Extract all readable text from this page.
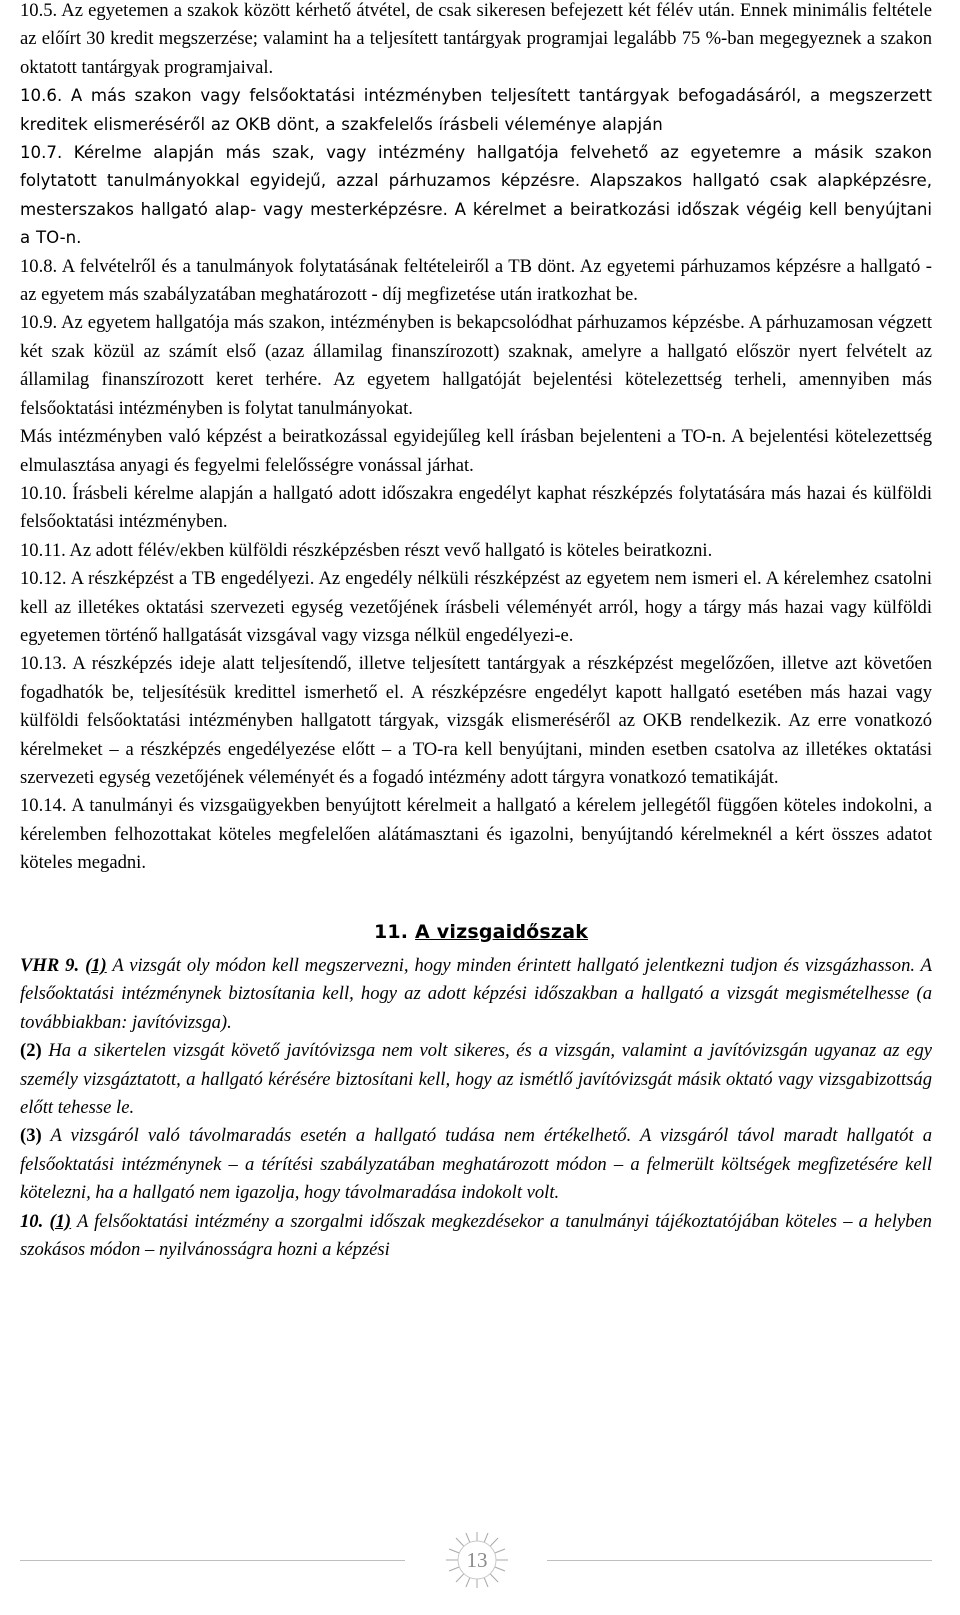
10.5. Az egyetemen a szakok között kérhető átvétel, de csak sikeresen befejezett két félév után. Ennek minimális feltétele az előírt 30 kredit megszerzése; valamint ha a teljesített tantárgyak programjai legalább 75 %-ban megegyeznek a szakon oktatott tantárgyak programjaival.

10.6. A más szakon vagy felsőoktatási intézményben teljesített tantárgyak befogadásáról, a megszerzett kreditek elismeréséről az OKB dönt, a szakfelelős írásbeli véleménye alapján

10.7. Kérelme alapján más szak, vagy intézmény hallgatója felvehető az egyetemre a másik szakon folytatott tanulmányokkal egyidejű, azzal párhuzamos képzésre. Alapszakos hallgató csak alapképzésre, mesterszakos hallgató alap- vagy mesterképzésre. A kérelmet a beiratkozási időszak végéig kell benyújtani a TO-n.

10.8. A felvételről és a tanulmányok folytatásának feltételeiről a TB dönt. Az egyetemi párhuzamos képzésre a hallgató - az egyetem más szabályzatában meghatározott - díj megfizetése után iratkozhat be.

10.9. Az egyetem hallgatója más szakon, intézményben is bekapcsolódhat párhuzamos képzésbe. A párhuzamosan végzett két szak közül az számít első (azaz államilag finanszírozott) szaknak, amelyre a hallgató először nyert felvételt az államilag finanszírozott keret terhére. Az egyetem hallgatóját bejelentési kötelezettség terheli, amennyiben más felsőoktatási intézményben is folytat tanulmányokat.

Más intézményben való képzést a beiratkozással egyidejűleg kell írásban bejelenteni a TO-n. A bejelentési kötelezettség elmulasztása anyagi és fegyelmi felelősségre vonással járhat.

10.10. Írásbeli kérelme alapján a hallgató adott időszakra engedélyt kaphat részképzés folytatására más hazai és külföldi felsőoktatási intézményben.

10.11. Az adott félév/ekben külföldi részképzésben részt vevő hallgató is köteles beiratkozni.

10.12. A részképzést a TB engedélyezi. Az engedély nélküli részképzést az egyetem nem ismeri el. A kérelemhez csatolni kell az illetékes oktatási szervezeti egység vezetőjének írásbeli véleményét arról, hogy a tárgy más hazai vagy külföldi egyetemen történő hallgatását vizsgával vagy vizsga nélkül engedélyezi-e.

10.13. A részképzés ideje alatt teljesítendő, illetve teljesített tantárgyak a részképzést megelőzően, illetve azt követően fogadhatók be, teljesítésük kredittel ismerhető el. A részképzésre engedélyt kapott hallgató esetében más hazai vagy külföldi felsőoktatási intézményben hallgatott tárgyak, vizsgák elismeréséről az OKB rendelkezik. Az erre vonatkozó kérelmeket – a részképzés engedélyezése előtt – a TO-ra kell benyújtani, minden esetben csatolva az illetékes oktatási szervezeti egység vezetőjének véleményét és a fogadó intézmény adott tárgyra vonatkozó tematikáját.

10.14. A tanulmányi és vizsgaügyekben benyújtott kérelmeit a hallgató a kérelem jellegétől függően köteles indokolni, a kérelemben felhozottakat köteles megfelelően alátámasztani és igazolni, benyújtandó kérelmeknél a kért összes adatot köteles megadni.

11. A vizsgaidőszak

VHR 9. (1) A vizsgát oly módon kell megszervezni, hogy minden érintett hallgató jelentkezni tudjon és vizsgázhasson. A felsőoktatási intézménynek biztosítania kell, hogy az adott képzési időszakban a hallgató a vizsgát megismételhesse (a továbbiakban: javítóvizsga).

(2) Ha a sikertelen vizsgát követő javítóvizsga nem volt sikeres, és a vizsgán, valamint a javítóvizsgán ugyanaz az egy személy vizsgáztatott, a hallgató kérésére biztosítani kell, hogy az ismétlő javítóvizsgát másik oktató vagy vizsgabizottság előtt tehesse le.

(3) A vizsgáról való távolmaradás esetén a hallgató tudása nem értékelhető. A vizsgáról távol maradt hallgatót a felsőoktatási intézménynek – a térítési szabályzatában meghatározott módon – a felmerült költségek megfizetésére kell kötelezni, ha a hallgató nem igazolja, hogy távolmaradása indokolt volt.

10. (1) A felsőoktatási intézmény a szorgalmi időszak megkezdésekor a tanulmányi tájékoztatójában köteles – a helyben szokásos módon – nyilvánosságra hozni a képzési

13
